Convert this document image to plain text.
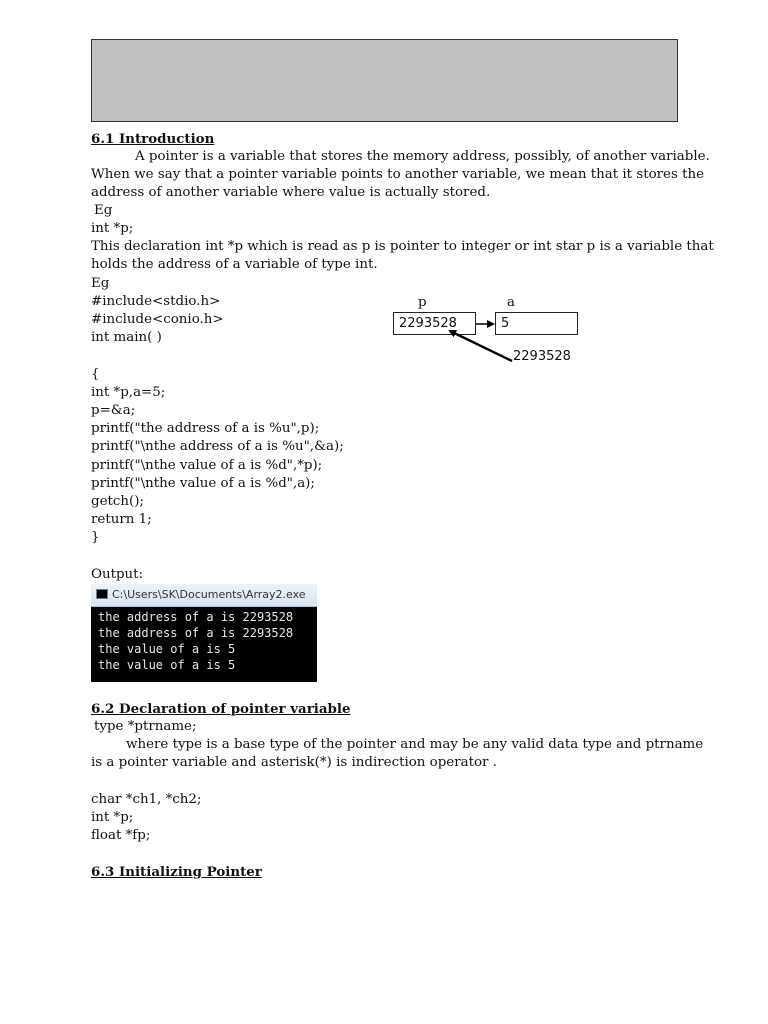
6.1 Introduction
A pointer is a variable that stores the memory address, possibly, of another variable.
When we say that a pointer variable points to another variable, we mean that it stores the
address of another variable where value is actually stored.
Eg
int *p;
This declaration int *p which is read as p is pointer to integer or int star p is a variable that
holds the address of a variable of type int.
Eg
#include<stdio.h>
#include<conio.h>
int main( )
{
int *p,a=5;
p=&a;
printf("the address of a is %u",p);
printf("\nthe address of a is %u",&a);
printf("\nthe value of a is %d",*p);
printf("\nthe value of a is %d",a);
getch();
return 1;
}
p	a
2293528	5
2293528
Output:
C:\Users\SK\Documents\Array2.exe
the address of a is 2293528
the address of a is 2293528
the value of a is 5
the value of a is 5
6.2 Declaration of pointer variable
type *ptrname;
where type is a base type of the pointer and may be any valid data type and ptrname
is a pointer variable and asterisk(*) is indirection operator .
char *ch1, *ch2;
int *p;
float *fp;
6.3 Initializing Pointer
